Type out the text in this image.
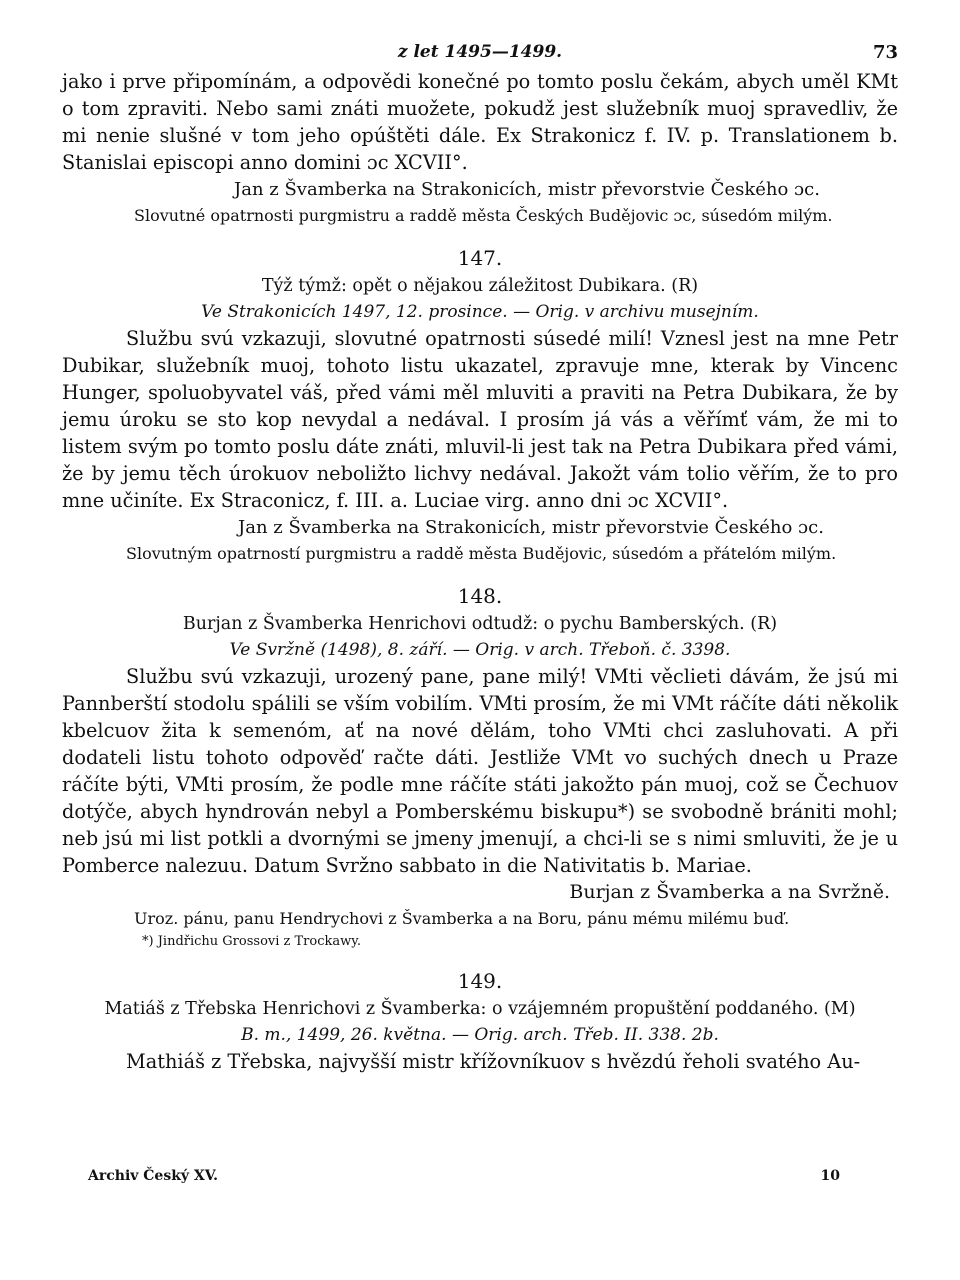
z let 1495—1499.	73

jako i prve připomínám, a odpovědi konečné po tomto poslu čekám, abych uměl KMt o tom zpraviti. Nebo sami znáti muožete, pokudž jest služebník muoj spravedliv, že mi nenie slušné v tom jeho opúštěti dále. Ex Strakonicz f. IV. p. Translationem b. Stanislai episcopi anno domini ɔc XCVII°.

Jan z Švamberka na Strakonicích, mistr převorstvie Českého ɔc.

Slovutné opatrnosti purgmistru a raddě města Českých Budějovic ɔc, súsedóm milým.

147.

Týž týmž: opět o nějakou záležitost Dubikara. (R)

Ve Strakonicích 1497, 12. prosince. — Orig. v archivu musejním.

Službu svú vzkazuji, slovutné opatrnosti súsedé milí! Vznesl jest na mne Petr Dubikar, služebník muoj, tohoto listu ukazatel, zpravuje mne, kterak by Vincenc Hunger, spoluobyvatel váš, před vámi měl mluviti a praviti na Petra Dubikara, že by jemu úroku se sto kop nevydal a nedával. I prosím já vás a věřímť vám, že mi to listem svým po tomto poslu dáte znáti, mluvil-li jest tak na Petra Dubikara před vámi, že by jemu těch úrokuov neboližto lichvy nedával. Jakožt vám tolio věřím, že to pro mne učiníte. Ex Straconicz, f. III. a. Luciae virg. anno dni ɔc XCVII°.

Jan z Švamberka na Strakonicích, mistr převorstvie Českého ɔc.

Slovutným opatrností purgmistru a raddě města Budějovic, súsedóm a přátelóm milým.

148.

Burjan z Švamberka Henrichovi odtudž: o pychu Bamberských. (R)

Ve Svržně (1498), 8. září. — Orig. v arch. Třeboň. č. 3398.

Službu svú vzkazuji, urozený pane, pane milý! VMti věclieti dávám, že jsú mi Pannberští stodolu spálili se vším vobilím. VMti prosím, že mi VMt ráčíte dáti několik kbelcuov žita k semenóm, ať na nové dělám, toho VMti chci zasluhovati. A při dodateli listu tohoto odpověď račte dáti. Jestliže VMt vo suchých dnech u Praze ráčíte býti, VMti prosím, že podle mne ráčíte státi jakožto pán muoj, což se Čechuov dotýče, abych hyndrován nebyl a Pomberskému biskupu*) se svobodně brániti mohl; neb jsú mi list potkli a dvornými se jmeny jmenují, a chci-li se s nimi smluviti, že je u Pomberce nalezuu. Datum Svržno sabbato in die Nativitatis b. Mariae.

Burjan z Švamberka a na Svržně.

Uroz. pánu, panu Hendrychovi z Švamberka a na Boru, pánu mému milému buď.

*) Jindřichu Grossovi z Trockawy.

149.

Matiáš z Třebska Henrichovi z Švamberka: o vzájemném propuštění poddaného. (M)

B. m., 1499, 26. května. — Orig. arch. Třeb. II. 338. 2b.

Mathiáš z Třebska, najvyšší mistr křížovníkuov s hvězdú řeholi svatého Au-

Archiv Český XV.	10
